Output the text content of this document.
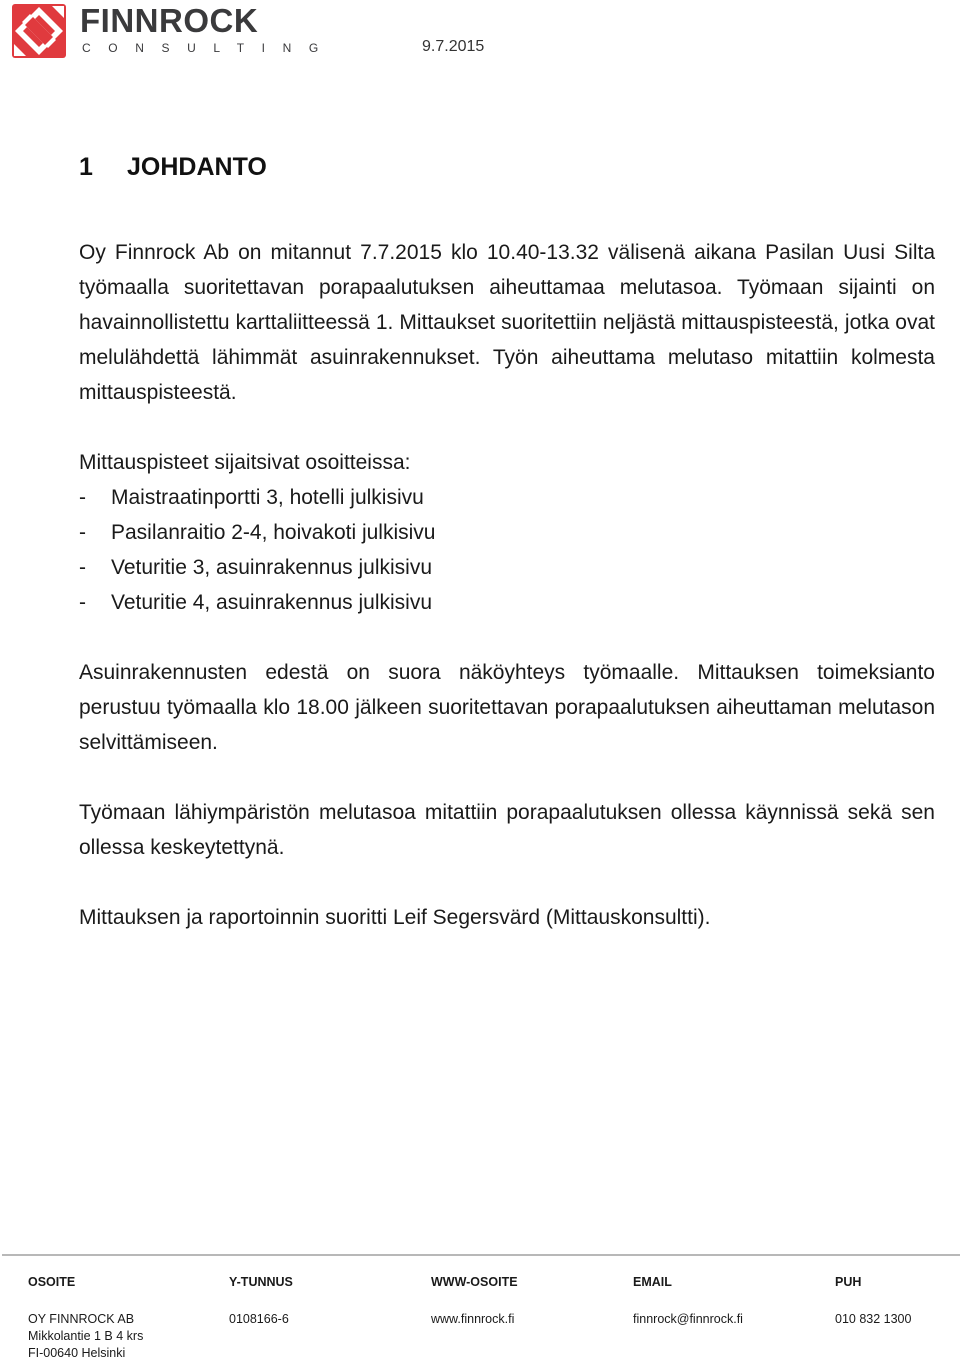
FINNROCK
CONSULTING	9.7.2015
1 JOHDANTO

Oy Finnrock Ab on mitannut 7.7.2015 klo 10.40-13.32 välisenä aikana Pasilan Uusi Silta työmaalla suoritettavan porapaalutuksen aiheuttamaa melutasoa. Työmaan sijainti on havainnollistettu karttaliitteessä 1. Mittaukset suoritettiin neljästä mittauspisteestä, jotka ovat melulähdettä lähimmät asuinrakennukset. Työn aiheuttama melutaso mitattiin kolmesta mittauspisteestä.

Mittauspisteet sijaitsivat osoitteissa:

- Maistraatinportti 3, hotelli julkisivu
- Pasilanraitio 2-4, hoivakoti julkisivu
- Veturitie 3, asuinrakennus julkisivu
- Veturitie 4, asuinrakennus julkisivu

Asuinrakennusten edestä on suora näköyhteys työmaalle. Mittauksen toimeksianto perustuu työmaalla klo 18.00 jälkeen suoritettavan porapaalutuksen aiheuttaman melutason selvittämiseen.

Työmaan lähiympäristön melutasoa mitattiin porapaalutuksen ollessa käynnissä sekä sen ollessa keskeytettynä.

Mittauksen ja raportoinnin suoritti Leif Segersvärd (Mittauskonsultti).

OSOITE
OY FINNROCK AB
Mikkolantie 1 B 4 krs
FI-00640 Helsinki
Y-TUNNUS
0108166-6
WWW-OSOITE
www.finnrock.fi
EMAIL
finnrock@finnrock.fi
PUH
010 832 1300
